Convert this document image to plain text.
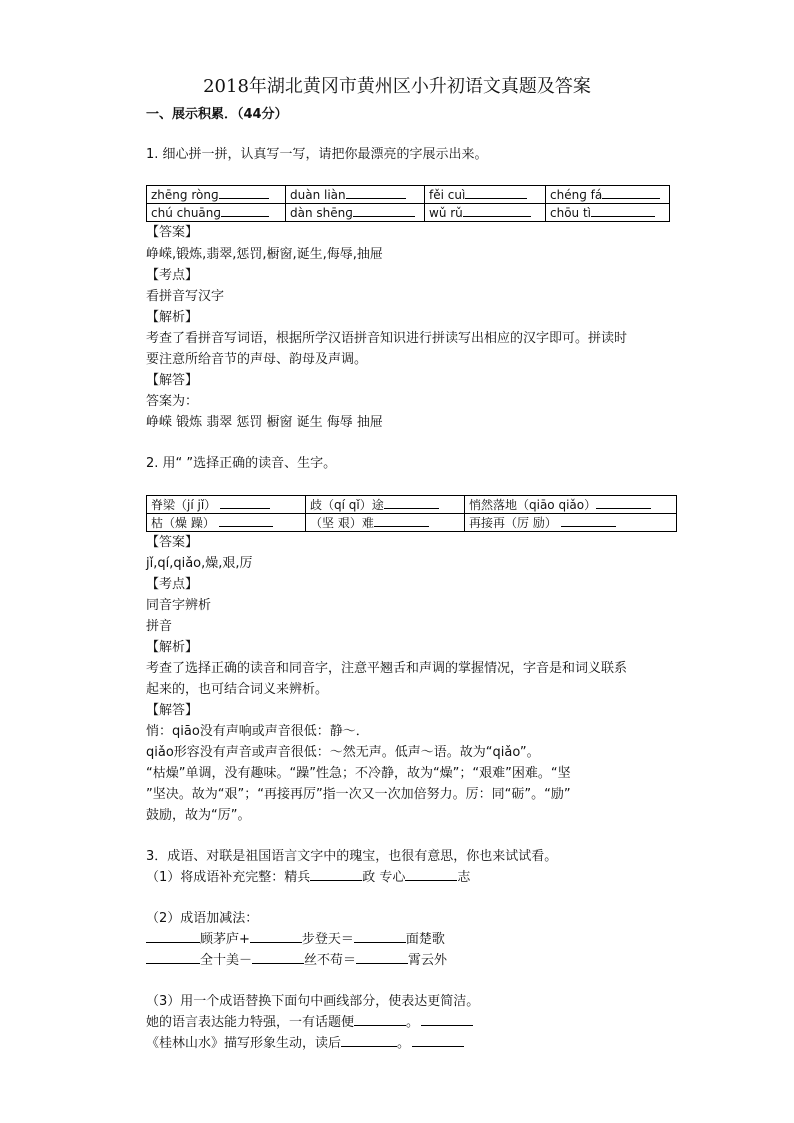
2018年湖北黄冈市黄州区小升初语文真题及答案
一、展示积累．（44分）
1. 细心拼一拼，认真写一写，请把你最漂亮的字展示出来。
zhēng rònɡ	duàn liàn	fěi cuì	chénɡ fá
chú chuānɡ	dàn shēnɡ	wǔ rǔ	chōu tì
【答案】
峥嵘,锻炼,翡翠,惩罚,橱窗,诞生,侮辱,抽屉
【考点】
看拼音写汉字
【解析】
考查了看拼音写词语，根据所学汉语拼音知识进行拼读写出相应的汉字即可。拼读时
要注意所给音节的声母、韵母及声调。
【解答】
答案为：
峥嵘 锻炼 翡翠 惩罚 橱窗 诞生 侮辱 抽屉
2. 用“ ”选择正确的读音、生字。
脊梁（jí jǐ）	歧（qí qǐ）途	悄然落地（qiāo qiǎo）
枯（燥 躁）	（坚 艰）难	再接再（厉 励）
【答案】
jǐ,qí,qiǎo,燥,艰,厉
【考点】
同音字辨析
拼音
【解析】
考查了选择正确的读音和同音字，注意平翘舌和声调的掌握情况，字音是和词义联系
起来的，也可结合词义来辨析。
【解答】
悄：qiāo没有声响或声音很低：静～．
qiǎo形容没有声音或声音很低：～然无声。低声～语。故为“qiǎo”。
“枯燥”单调，没有趣味。“躁”性急；不冷静，故为“燥”；“艰难”困难。“坚
”坚决。故为“艰”；“再接再厉”指一次又一次加倍努力。厉：同“砺”。“励”
鼓励，故为“厉”。
3．成语、对联是祖国语言文字中的瑰宝，也很有意思，你也来试试看。
（1）将成语补充完整：精兵	政 专心	志
（2）成语加减法：
顾茅庐+	步登天＝	面楚歌
全十美－	丝不苟＝	霄云外
（3）用一个成语替换下面句中画线部分，使表达更简洁。
她的语言表达能力特强，一有话题便	。
《桂林山水》描写形象生动，读后	。
